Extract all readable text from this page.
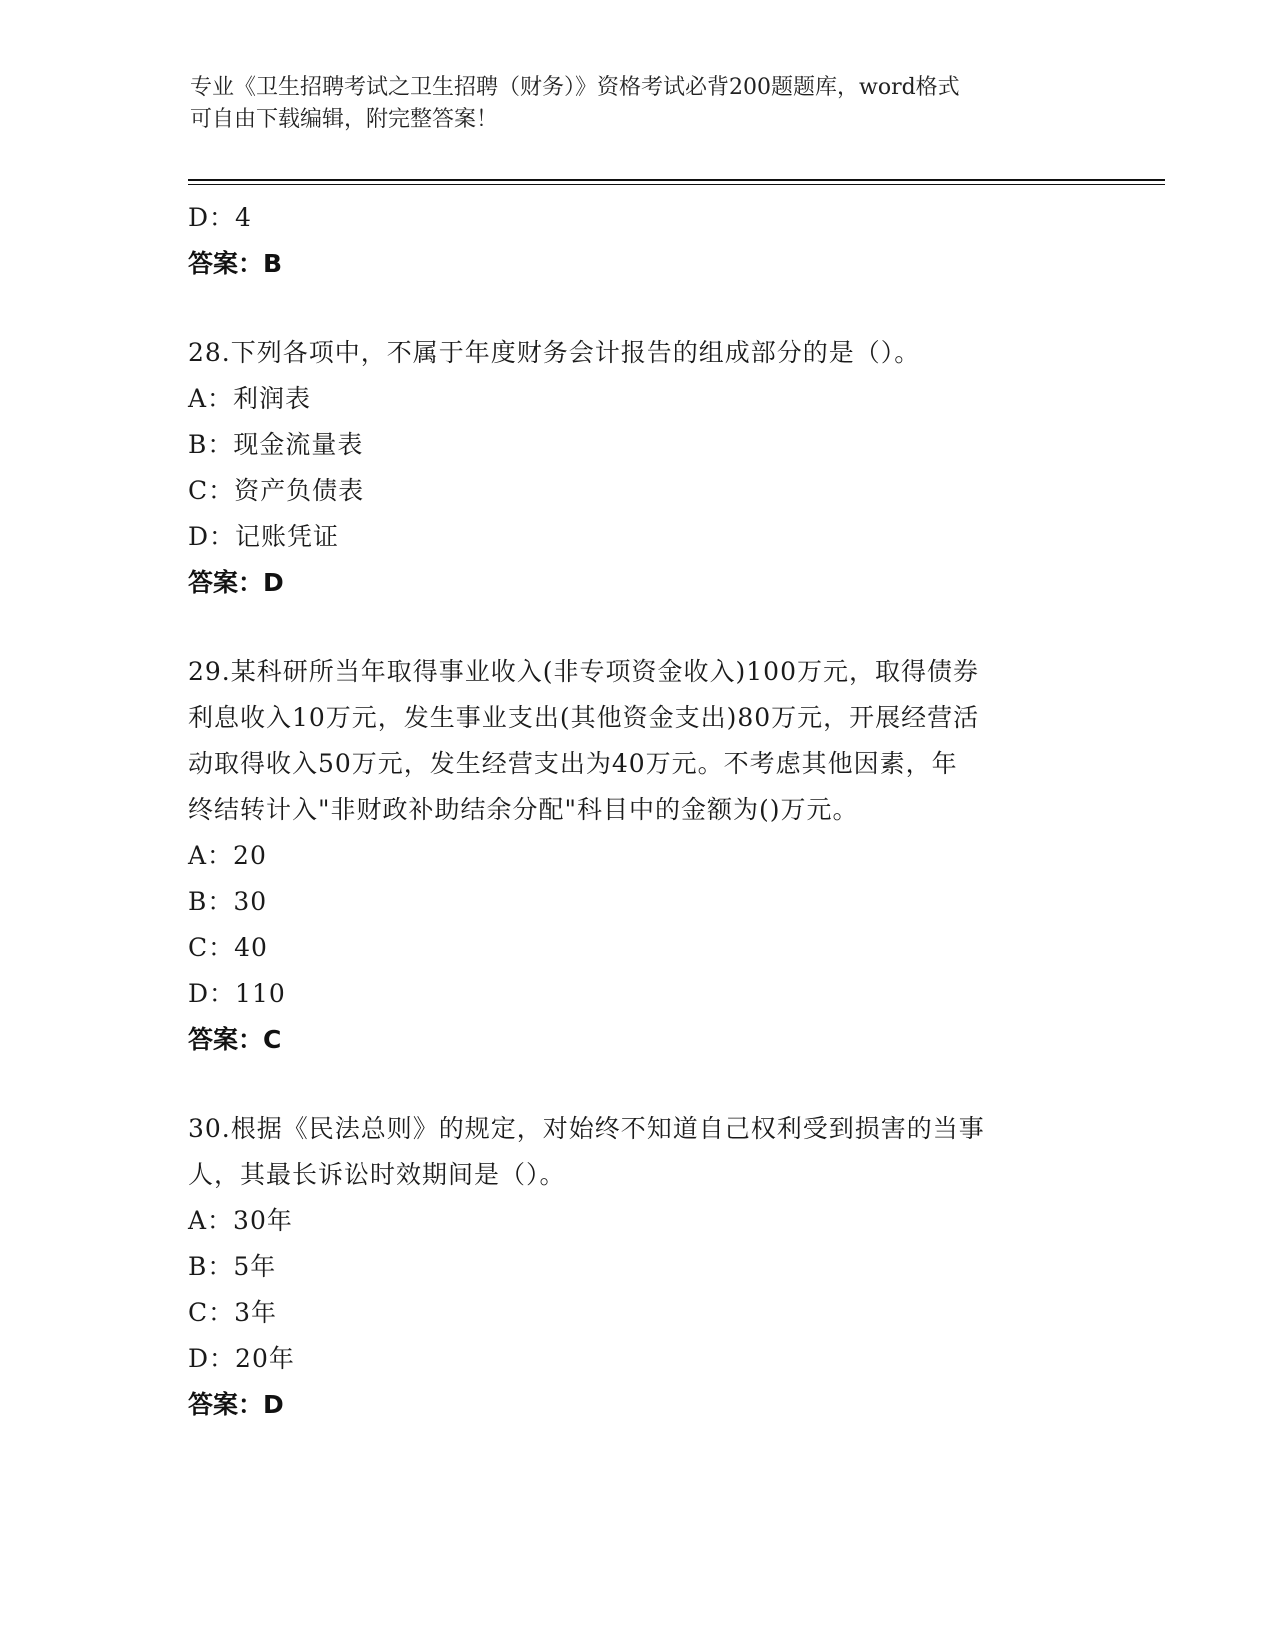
专业《卫生招聘考试之卫生招聘（财务）》资格考试必背200题题库，word格式
可自由下载编辑，附完整答案！
D：4
答案：B
28.下列各项中，不属于年度财务会计报告的组成部分的是（）。
A：利润表
B：现金流量表
C：资产负债表
D：记账凭证
答案：D
29.某科研所当年取得事业收入(非专项资金收入)100万元，取得债券
利息收入10万元，发生事业支出(其他资金支出)80万元，开展经营活
动取得收入50万元，发生经营支出为40万元。不考虑其他因素，年
终结转计入"非财政补助结余分配"科目中的金额为()万元。
A：20
B：30
C：40
D：110
答案：C
30.根据《民法总则》的规定，对始终不知道自己权利受到损害的当事
人，其最长诉讼时效期间是（）。
A：30年
B：5年
C：3年
D：20年
答案：D
